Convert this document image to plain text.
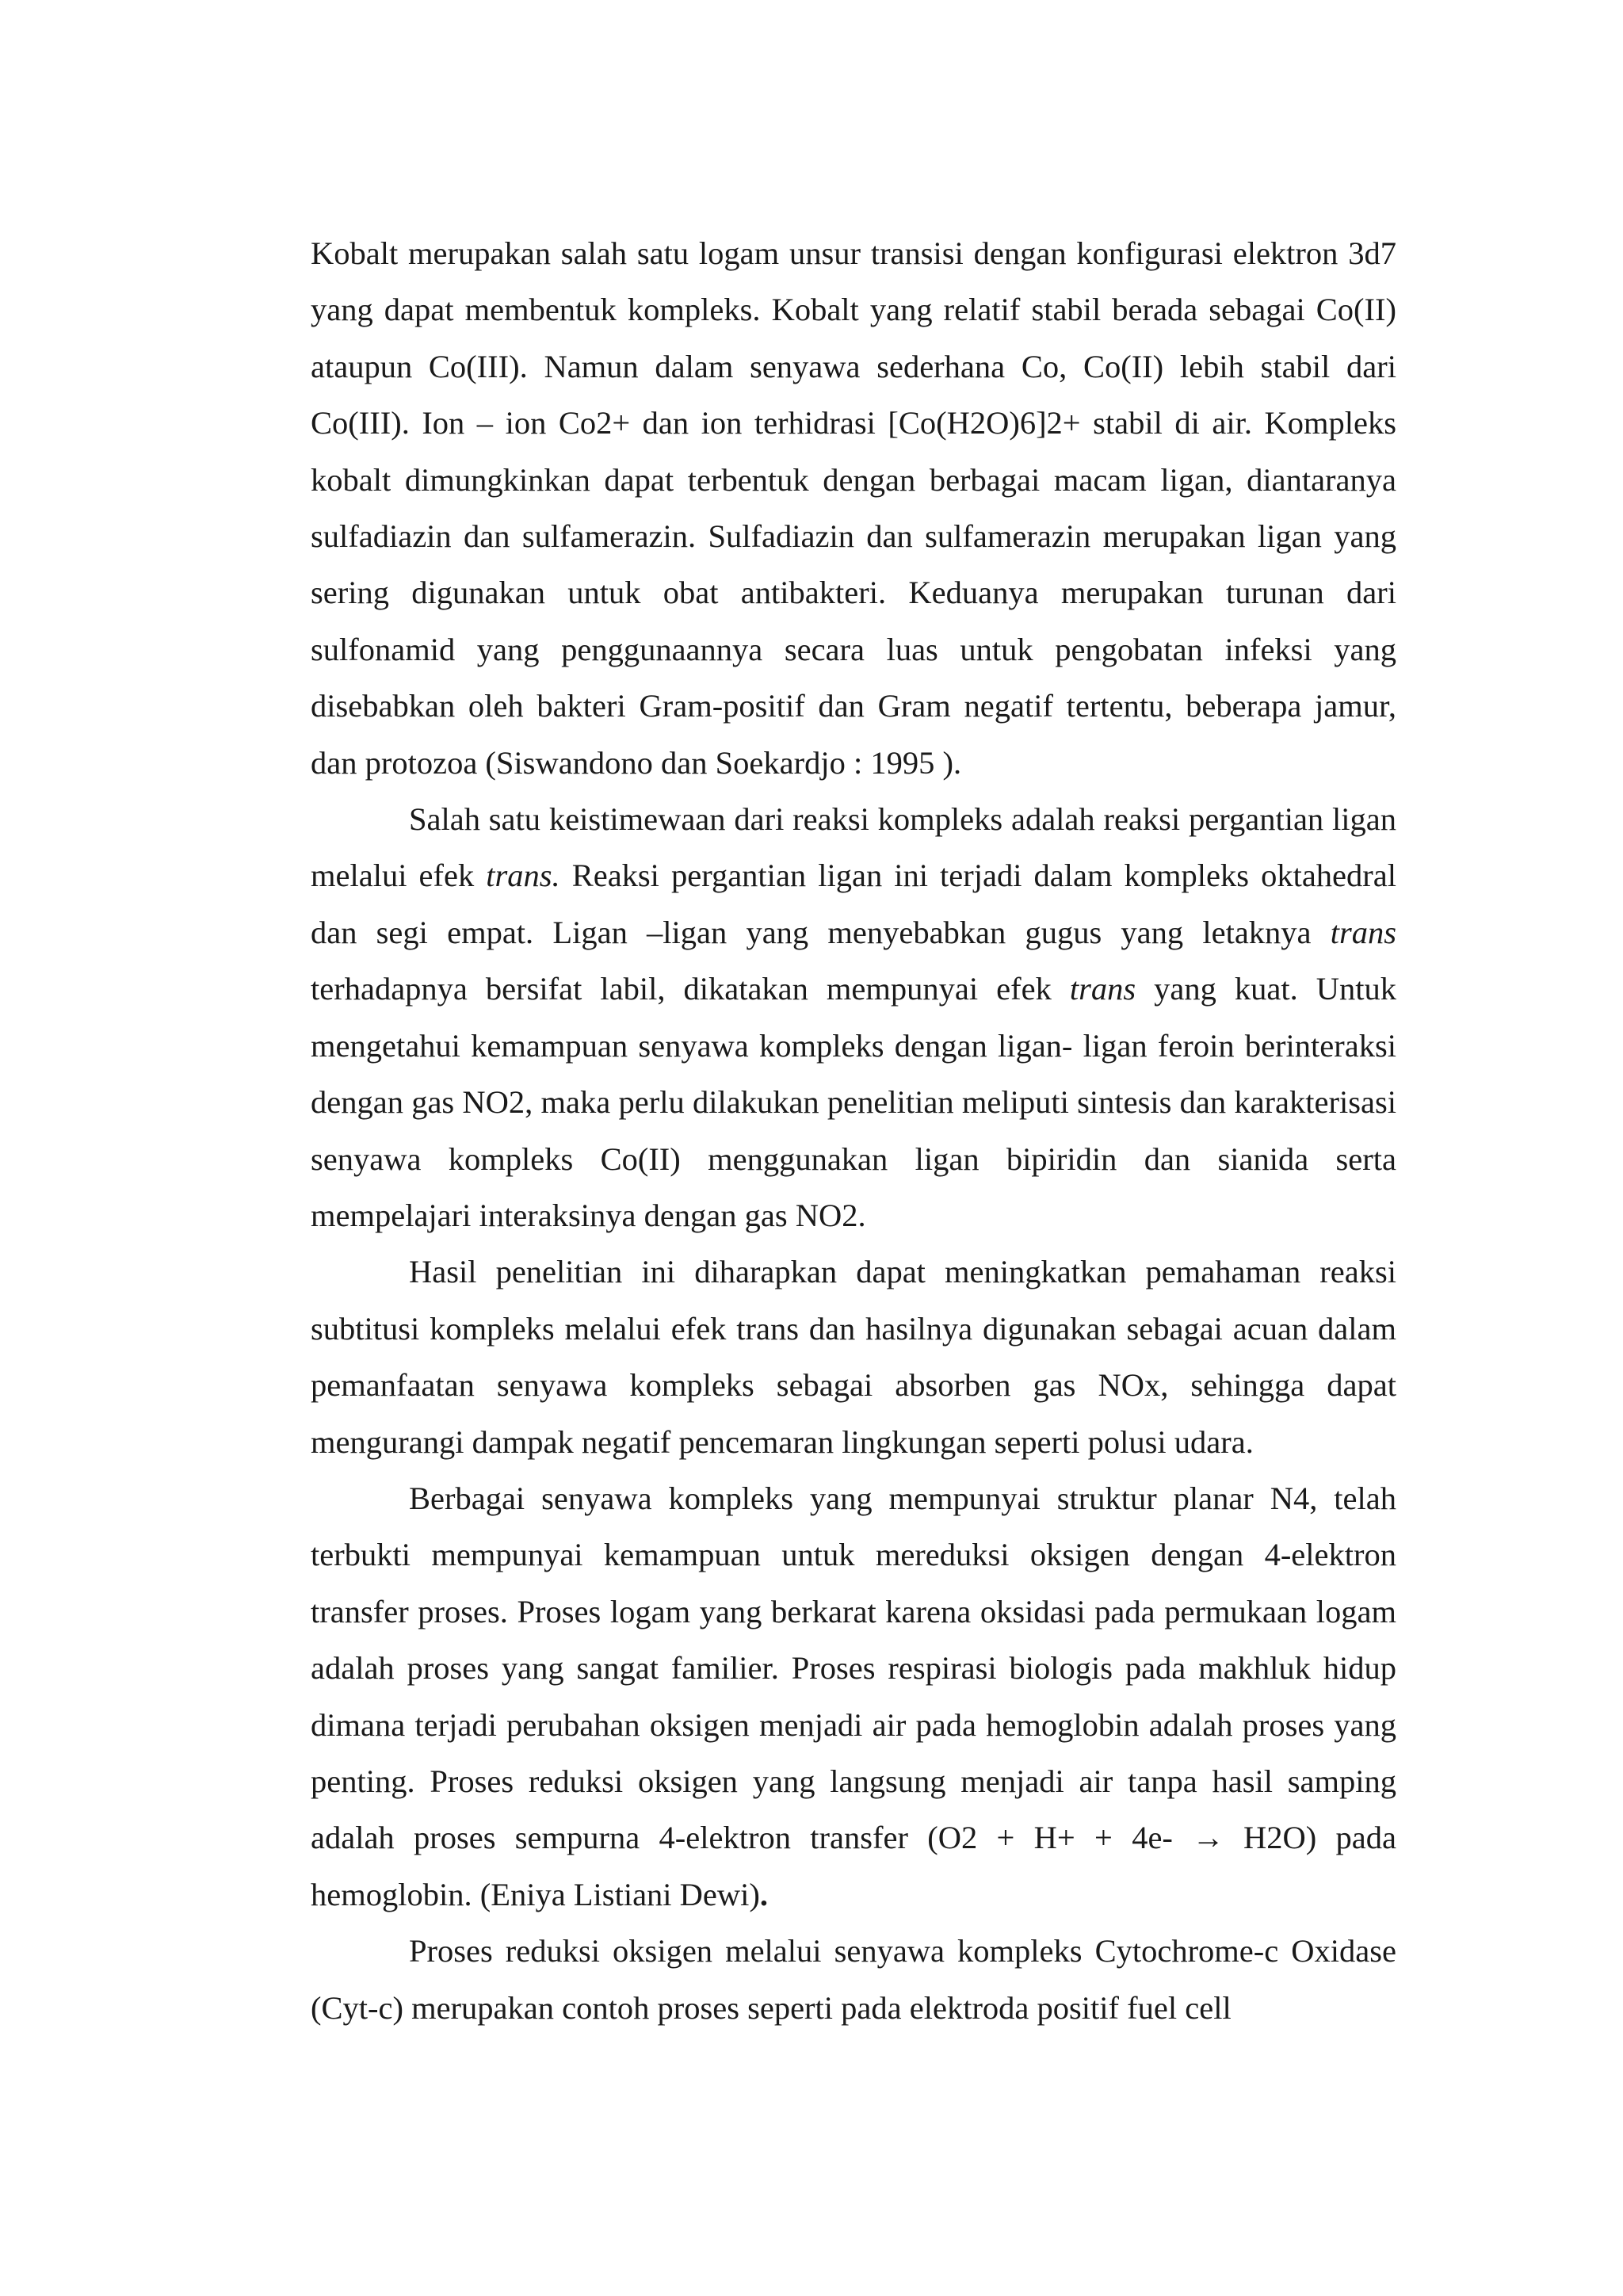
Kobalt merupakan salah satu logam unsur transisi dengan konfigurasi elektron 3d7 yang dapat membentuk kompleks. Kobalt yang relatif stabil berada sebagai Co(II) ataupun Co(III). Namun dalam senyawa sederhana Co, Co(II) lebih stabil dari Co(III). Ion – ion Co2+ dan ion terhidrasi [Co(H2O)6]2+ stabil di air. Kompleks kobalt dimungkinkan dapat terbentuk dengan berbagai macam ligan, diantaranya sulfadiazin dan sulfamerazin. Sulfadiazin dan sulfamerazin merupakan ligan yang sering digunakan untuk obat antibakteri. Keduanya merupakan turunan dari sulfonamid yang penggunaannya secara luas untuk pengobatan infeksi yang disebabkan oleh bakteri Gram-positif dan Gram negatif tertentu, beberapa jamur, dan protozoa (Siswandono dan Soekardjo : 1995 ).

Salah satu keistimewaan dari reaksi kompleks adalah reaksi pergantian ligan melalui efek trans. Reaksi pergantian ligan ini terjadi dalam kompleks oktahedral dan segi empat. Ligan –ligan yang menyebabkan gugus yang letaknya trans terhadapnya bersifat labil, dikatakan mempunyai efek trans yang kuat. Untuk mengetahui kemampuan senyawa kompleks dengan ligan- ligan feroin berinteraksi dengan gas NO2, maka perlu dilakukan penelitian meliputi sintesis dan karakterisasi senyawa kompleks Co(II) menggunakan ligan bipiridin dan sianida serta mempelajari interaksinya dengan gas NO2.

Hasil penelitian ini diharapkan dapat meningkatkan pemahaman reaksi subtitusi kompleks melalui efek trans dan hasilnya digunakan sebagai acuan dalam pemanfaatan senyawa kompleks sebagai absorben gas NOx, sehingga dapat mengurangi dampak negatif pencemaran lingkungan seperti polusi udara.

Berbagai senyawa kompleks yang mempunyai struktur planar N4, telah terbukti mempunyai kemampuan untuk mereduksi oksigen dengan 4-elektron transfer proses. Proses logam yang berkarat karena oksidasi pada permukaan logam adalah proses yang sangat familier. Proses respirasi biologis pada makhluk hidup dimana terjadi perubahan oksigen menjadi air pada hemoglobin adalah proses yang penting. Proses reduksi oksigen yang langsung menjadi air tanpa hasil samping adalah proses sempurna 4-elektron transfer (O2 + H+ + 4e- → H2O) pada hemoglobin. (Eniya Listiani Dewi).

Proses reduksi oksigen melalui senyawa kompleks Cytochrome-c Oxidase (Cyt-c) merupakan contoh proses seperti pada elektroda positif fuel cell
